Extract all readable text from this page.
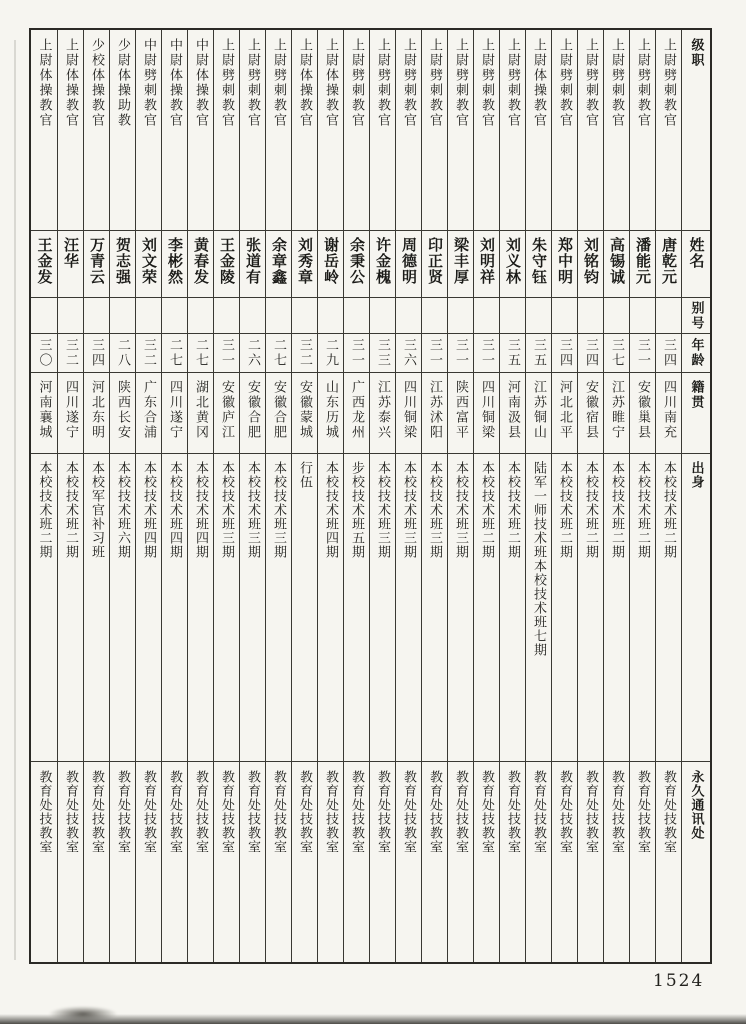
级职
姓名
别号
年龄
籍贯
出身
永久通讯处
上尉劈刺教官
唐乾元
三四
四川南充
本校技术班二期
教育处技教室
上尉劈刺教官
潘能元
三一
安徽巢县
本校技术班二期
教育处技教室
上尉劈刺教官
高锡诚
三七
江苏睢宁
本校技术班二期
教育处技教室
上尉劈刺教官
刘铭钧
三四
安徽宿县
本校技术班二期
教育处技教室
上尉劈刺教官
郑中明
三四
河北北平
本校技术班二期
教育处技教室
上尉体操教官
朱守钰
三五
江苏铜山
陆军一师技术班本校技术班七期
教育处技教室
上尉劈刺教官
刘义林
三五
河南汲县
本校技术班二期
教育处技教室
上尉劈刺教官
刘明祥
三一
四川铜梁
本校技术班二期
教育处技教室
上尉劈刺教官
梁丰厚
三一
陕西富平
本校技术班三期
教育处技教室
上尉劈刺教官
印正贤
三一
江苏沭阳
本校技术班三期
教育处技教室
上尉劈刺教官
周德明
三六
四川铜梁
本校技术班三期
教育处技教室
上尉劈刺教官
许金槐
三三
江苏泰兴
本校技术班三期
教育处技教室
上尉劈刺教官
余秉公
三一
广西龙州
步校技术班五期
教育处技教室
上尉体操教官
谢岳岭
二九
山东历城
本校技术班四期
教育处技教室
上尉体操教官
刘秀章
三二
安徽蒙城
行伍
教育处技教室
上尉劈刺教官
余章鑫
二七
安徽合肥
本校技术班三期
教育处技教室
上尉劈刺教官
张道有
二六
安徽合肥
本校技术班三期
教育处技教室
上尉劈刺教官
王金陵
三一
安徽庐江
本校技术班三期
教育处技教室
中尉体操教官
黄春发
二七
湖北黄冈
本校技术班四期
教育处技教室
中尉体操教官
李彬然
二七
四川遂宁
本校技术班四期
教育处技教室
中尉劈刺教官
刘文荣
三二
广东合浦
本校技术班四期
教育处技教室
少尉体操助教
贺志强
二八
陕西长安
本校技术班六期
教育处技教室
少校体操教官
万青云
三四
河北东明
本校军官补习班
教育处技教室
上尉体操教官
汪华
三二
四川遂宁
本校技术班二期
教育处技教室
上尉体操教官
王金发
三〇
河南襄城
本校技术班二期
教育处技教室
1524
